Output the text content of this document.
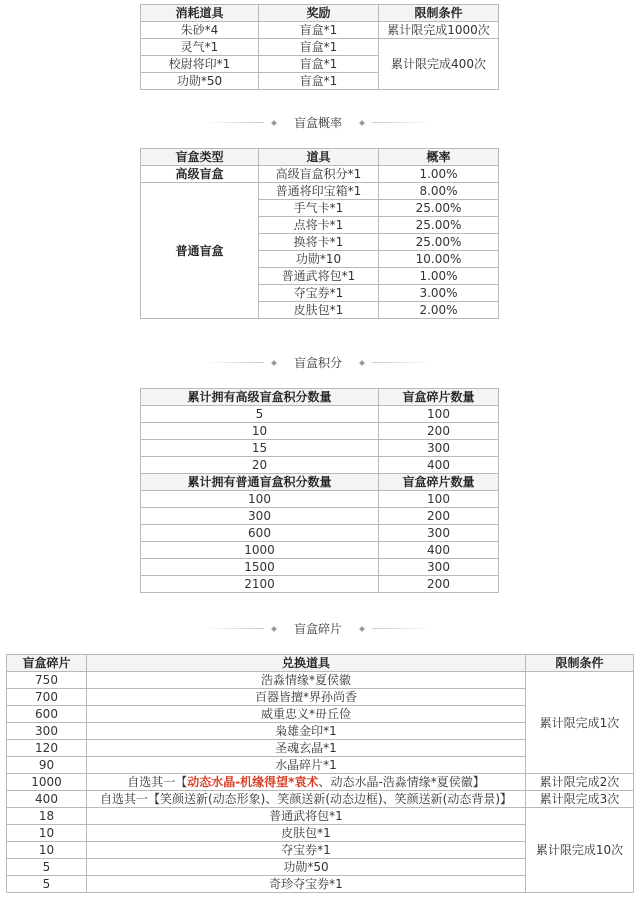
消耗道具	奖励	限制条件
朱砂*4	盲盒*1	累计限完成1000次
灵气*1	盲盒*1	累计限完成400次
校尉将印*1	盲盒*1	
功勋*50	盲盒*1	
盲盒概率
盲盒类型	道具	概率
高级盲盒	高级盲盒积分*1	1.00%
普通盲盒	普通将印宝箱*1	8.00%
	手气卡*1	25.00%
	点将卡*1	25.00%
	换将卡*1	25.00%
	功勋*10	10.00%
	普通武将包*1	1.00%
	夺宝券*1	3.00%
	皮肤包*1	2.00%
盲盒积分
累计拥有高级盲盒积分数量	盲盒碎片数量
5	100
10	200
15	300
20	400
累计拥有普通盲盒积分数量	盲盒碎片数量
100	100
300	200
600	300
1000	400
1500	300
2100	200
盲盒碎片
盲盒碎片	兑换道具	限制条件
750	浩淼情缘*夏侯徽	累计限完成1次
700	百器皆擅*界孙尚香	
600	威重忠义*毌丘俭	
300	枭雄金印*1	
120	圣魂玄晶*1	
90	水晶碎片*1	
1000	自选其一【动态水晶-机缘得望*袁术、动态水晶-浩淼情缘*夏侯徽】	累计限完成2次
400	自选其一【笑颜送新(动态形象)、笑颜送新(动态边框)、笑颜送新(动态背景)】	累计限完成3次
18	普通武将包*1	累计限完成10次
10	皮肤包*1	
10	夺宝券*1	
5	功勋*50	
5	奇珍夺宝券*1	
